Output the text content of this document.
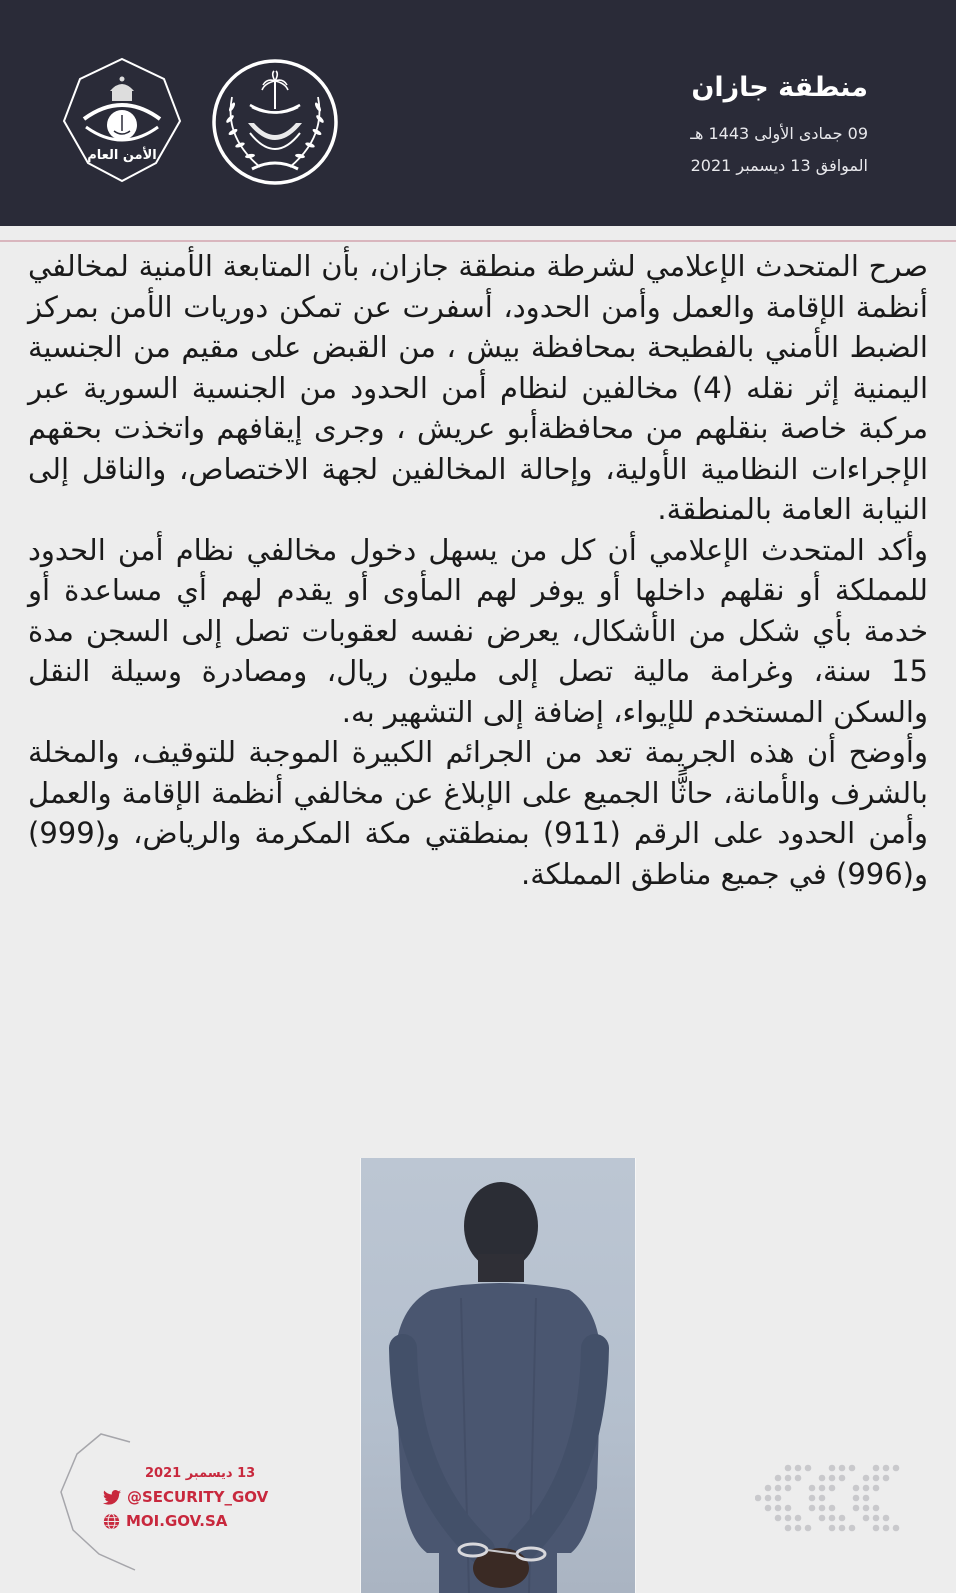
منطقة جازان
09 جمادى الأولى 1443 هـ
الموافق 13 ديسمبر 2021
الأمن العام

صرح المتحدث الإعلامي لشرطة منطقة جازان، بأن المتابعة الأمنية لمخالفي أنظمة الإقامة والعمل وأمن الحدود، أسفرت عن تمكن دوريات الأمن بمركز الضبط الأمني بالفطيحة بمحافظة بيش ، من القبض على مقيم من الجنسية اليمنية إثر نقله (4) مخالفين لنظام أمن الحدود من الجنسية السورية عبر مركبة خاصة بنقلهم من محافظةأبو عريش ، وجرى إيقافهم واتخذت بحقهم الإجراءات النظامية الأولية، وإحالة المخالفين لجهة الاختصاص، والناقل إلى النيابة العامة بالمنطقة.

وأكد المتحدث الإعلامي أن كل من يسهل دخول مخالفي نظام أمن الحدود للمملكة أو نقلهم داخلها أو يوفر لهم المأوى أو يقدم لهم أي مساعدة أو خدمة بأي شكل من الأشكال، يعرض نفسه لعقوبات تصل إلى السجن مدة 15 سنة، وغرامة مالية تصل إلى مليون ريال، ومصادرة وسيلة النقل والسكن المستخدم للإيواء، إضافة إلى التشهير به.

وأوضح أن هذه الجريمة تعد من الجرائم الكبيرة الموجبة للتوقيف، والمخلة بالشرف والأمانة، حاثًّا الجميع على الإبلاغ عن مخالفي أنظمة الإقامة والعمل وأمن الحدود على الرقم (911) بمنطقتي مكة المكرمة والرياض، و(999) و(996) في جميع مناطق المملكة.

13 ديسمبر 2021
@SECURITY_GOV
MOI.GOV.SA
